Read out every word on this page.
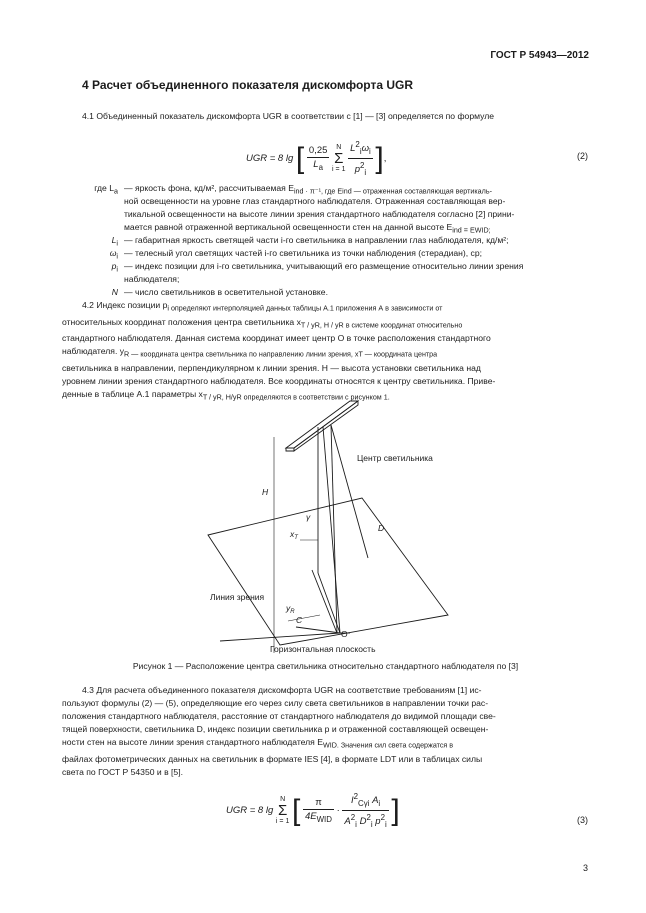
ГОСТ Р 54943—2012
4 Расчет объединенного показателя дискомфорта UGR
4.1 Объединенный показатель дискомфорта UGR в соответствии с [1] — [3] определяется по формуле
UGR = 8 lg [ $\frac{0,25}{L_a}$ N
Σ
$i = 1 \frac{L^2_i\omega_i}{p^2_i}$ ],	(2)
где $L_a$ — яркость фона, кд/м², рассчитываемая $E_{ind \cdot \pi^{-1}, где Eind — отраженная составляющая вертикаль-}$
ной освещенности на уровне глаз стандартного наблюдателя. Отраженная составляющая вер-
тикальной освещенности на высоте линии зрения стандартного наблюдателя согласно [2] прини-
мается равной отраженной вертикальной освещенности стен на данной высоте $E_{ind = EWID;}$
$L_i$ — габаритная яркость светящей части i-го светильника в направлении глаз наблюдателя, кд/м²;
$\omega_i$ — телесный угол светящих частей i-го светильника из точки наблюдения (стерадиан), ср;
$p_i$ — индекс позиции для i-го светильника, учитывающий его размещение относительно линии зрения
наблюдателя;
N — число светильников в осветительной установке.
4.2 Индекс позиции $p_{i определяют интерполяцией данных таблицы А.1 приложения А в зависимости от}$
относительных координат положения центра светильника $x_{T / yR, H / yR в системе координат относительно}$
стандартного наблюдателя. Данная система координат имеет центр О в точке расположения стандартного
наблюдателя. $y_{R — координата центра светильника по направлению линии зрения, xT — координата центра}$
светильника в направлении, перпендикулярном к линии зрения. H — высота установки светильника над
уровнем линии зрения стандартного наблюдателя. Все координаты относятся к центру светильника. Приве-
денные в таблице А.1 параметры $x_{T / yR, H/yR определяются в соответствии с рисунком 1.}$
Центр светильника
H
γ
D
$x_T$
Линия зрения
$y_R$
C
O
Горизонтальная плоскость
Рисунок 1 — Расположение центра светильника относительно стандартного наблюдателя по [3]
4.3 Для расчета объединенного показателя дискомфорта UGR на соответствие требованиям [1] ис-
пользуют формулы (2) — (5), определяющие его через силу света светильников в направлении точки рас-
положения стандартного наблюдателя, расстояние от стандартного наблюдателя до видимой площади све-
тящей поверхности, светильника D, индекс позиции светильника p и отраженной составляющей освещен-
ности стен на высоте линии зрения стандартного наблюдателя $E_{WID. Значения сил света содержатся в}$
файлах фотометрических данных на светильник в формате IES [4], в формате LDT или в таблицах силы
света по ГОСТ Р 54350 и в [5].
UGR = 8 lg N
Σ
i = 1 [ $\frac{\pi}{4E_{WID}} \cdot \frac{I^2_{C\gamma i} A_i}{A^2_i D^2_i p^2_i}$ ]	(3)
3
